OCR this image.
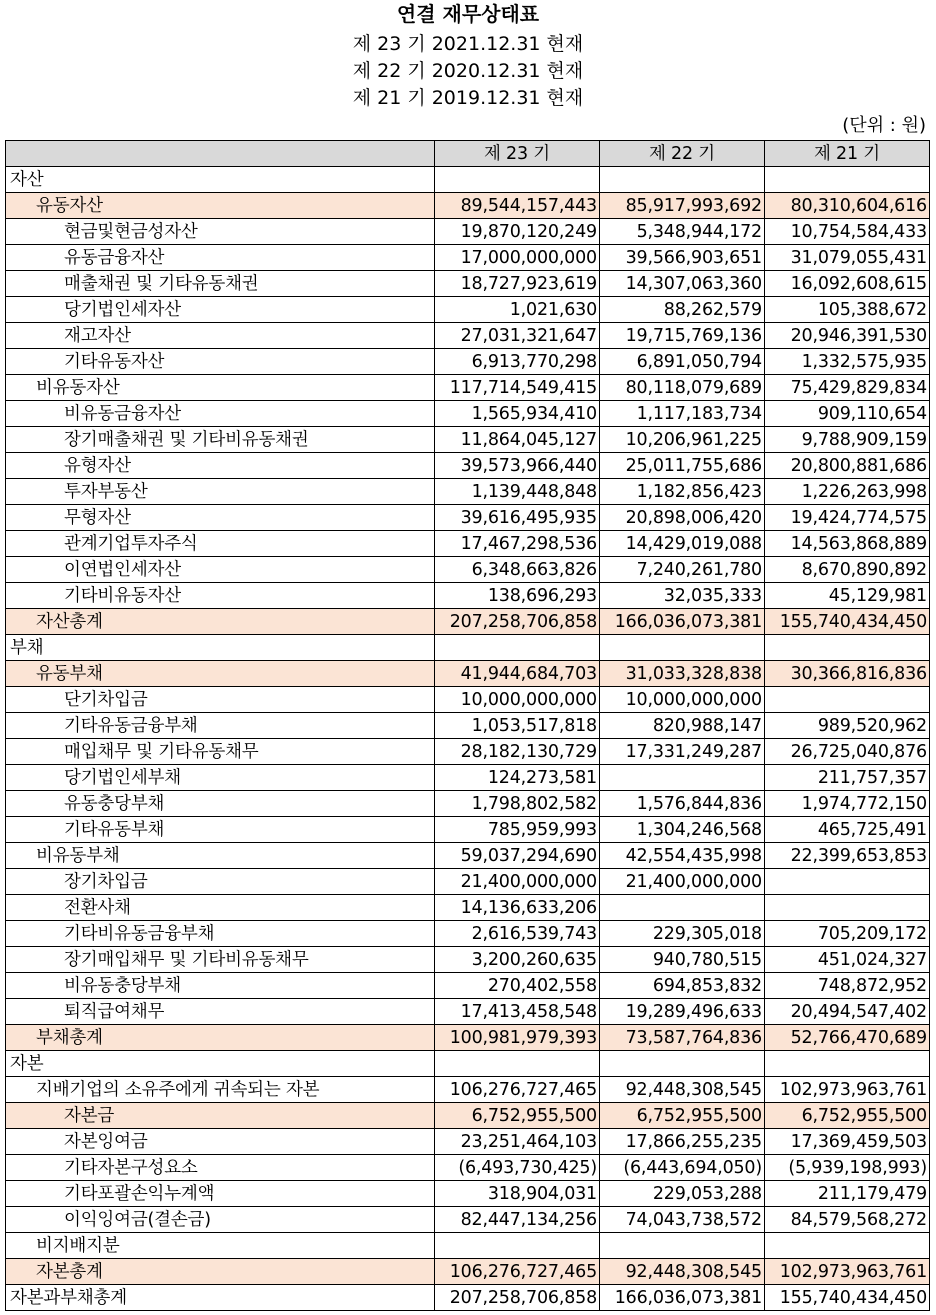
연결 재무상태표
제 23 기 2021.12.31 현재
제 22 기 2020.12.31 현재
제 21 기 2019.12.31 현재
(단위 : 원)
	제 23 기	제 22 기	제 21 기
자산			
유동자산	89,544,157,443	85,917,993,692	80,310,604,616
현금및현금성자산	19,870,120,249	5,348,944,172	10,754,584,433
유동금융자산	17,000,000,000	39,566,903,651	31,079,055,431
매출채권 및 기타유동채권	18,727,923,619	14,307,063,360	16,092,608,615
당기법인세자산	1,021,630	88,262,579	105,388,672
재고자산	27,031,321,647	19,715,769,136	20,946,391,530
기타유동자산	6,913,770,298	6,891,050,794	1,332,575,935
비유동자산	117,714,549,415	80,118,079,689	75,429,829,834
비유동금융자산	1,565,934,410	1,117,183,734	909,110,654
장기매출채권 및 기타비유동채권	11,864,045,127	10,206,961,225	9,788,909,159
유형자산	39,573,966,440	25,011,755,686	20,800,881,686
투자부동산	1,139,448,848	1,182,856,423	1,226,263,998
무형자산	39,616,495,935	20,898,006,420	19,424,774,575
관계기업투자주식	17,467,298,536	14,429,019,088	14,563,868,889
이연법인세자산	6,348,663,826	7,240,261,780	8,670,890,892
기타비유동자산	138,696,293	32,035,333	45,129,981
자산총계	207,258,706,858	166,036,073,381	155,740,434,450
부채			
유동부채	41,944,684,703	31,033,328,838	30,366,816,836
단기차입금	10,000,000,000	10,000,000,000	
기타유동금융부채	1,053,517,818	820,988,147	989,520,962
매입채무 및 기타유동채무	28,182,130,729	17,331,249,287	26,725,040,876
당기법인세부채	124,273,581		211,757,357
유동충당부채	1,798,802,582	1,576,844,836	1,974,772,150
기타유동부채	785,959,993	1,304,246,568	465,725,491
비유동부채	59,037,294,690	42,554,435,998	22,399,653,853
장기차입금	21,400,000,000	21,400,000,000	
전환사채	14,136,633,206		
기타비유동금융부채	2,616,539,743	229,305,018	705,209,172
장기매입채무 및 기타비유동채무	3,200,260,635	940,780,515	451,024,327
비유동충당부채	270,402,558	694,853,832	748,872,952
퇴직급여채무	17,413,458,548	19,289,496,633	20,494,547,402
부채총계	100,981,979,393	73,587,764,836	52,766,470,689
자본			
지배기업의 소유주에게 귀속되는 자본	106,276,727,465	92,448,308,545	102,973,963,761
자본금	6,752,955,500	6,752,955,500	6,752,955,500
자본잉여금	23,251,464,103	17,866,255,235	17,369,459,503
기타자본구성요소	(6,493,730,425)	(6,443,694,050)	(5,939,198,993)
기타포괄손익누계액	318,904,031	229,053,288	211,179,479
이익잉여금(결손금)	82,447,134,256	74,043,738,572	84,579,568,272
비지배지분			
자본총계	106,276,727,465	92,448,308,545	102,973,963,761
자본과부채총계	207,258,706,858	166,036,073,381	155,740,434,450
